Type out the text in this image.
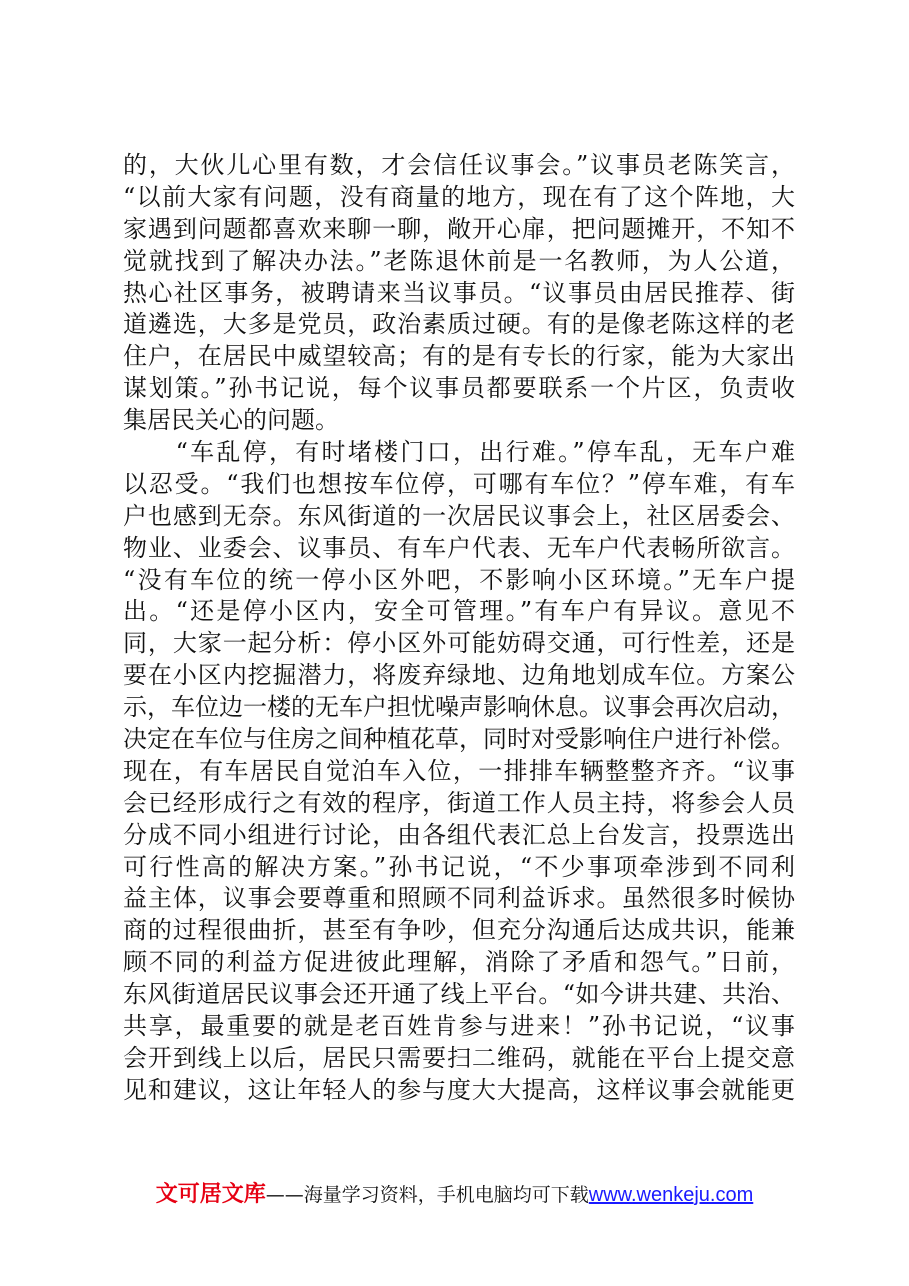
的，大伙儿心里有数，才会信任议事会。”议事员老陈笑言，
“以前大家有问题，没有商量的地方，现在有了这个阵地，大
家遇到问题都喜欢来聊一聊，敞开心扉，把问题摊开，不知不
觉就找到了解决办法。”老陈退休前是一名教师，为人公道，
热心社区事务，被聘请来当议事员。“议事员由居民推荐、街
道遴选，大多是党员，政治素质过硬。有的是像老陈这样的老
住户，在居民中威望较高；有的是有专长的行家，能为大家出
谋划策。”孙书记说，每个议事员都要联系一个片区，负责收
集居民关心的问题。
　　“车乱停，有时堵楼门口，出行难。”停车乱，无车户难
以忍受。“我们也想按车位停，可哪有车位？”停车难，有车
户也感到无奈。东风街道的一次居民议事会上，社区居委会、
物业、业委会、议事员、有车户代表、无车户代表畅所欲言。
“没有车位的统一停小区外吧，不影响小区环境。”无车户提
出。“还是停小区内，安全可管理。”有车户有异议。意见不
同，大家一起分析：停小区外可能妨碍交通，可行性差，还是
要在小区内挖掘潜力，将废弃绿地、边角地划成车位。方案公
示，车位边一楼的无车户担忧噪声影响休息。议事会再次启动，
决定在车位与住房之间种植花草，同时对受影响住户进行补偿。
现在，有车居民自觉泊车入位，一排排车辆整整齐齐。“议事
会已经形成行之有效的程序，街道工作人员主持，将参会人员
分成不同小组进行讨论，由各组代表汇总上台发言，投票选出
可行性高的解决方案。”孙书记说，“不少事项牵涉到不同利
益主体，议事会要尊重和照顾不同利益诉求。虽然很多时候协
商的过程很曲折，甚至有争吵，但充分沟通后达成共识，能兼
顾不同的利益方促进彼此理解，消除了矛盾和怨气。”日前，
东风街道居民议事会还开通了线上平台。“如今讲共建、共治、
共享，最重要的就是老百姓肯参与进来！”孙书记说，“议事
会开到线上以后，居民只需要扫二维码，就能在平台上提交意
见和建议，这让年轻人的参与度大大提高，这样议事会就能更
文可居文库——海量学习资料，手机电脑均可下载www.wenkeju.com
